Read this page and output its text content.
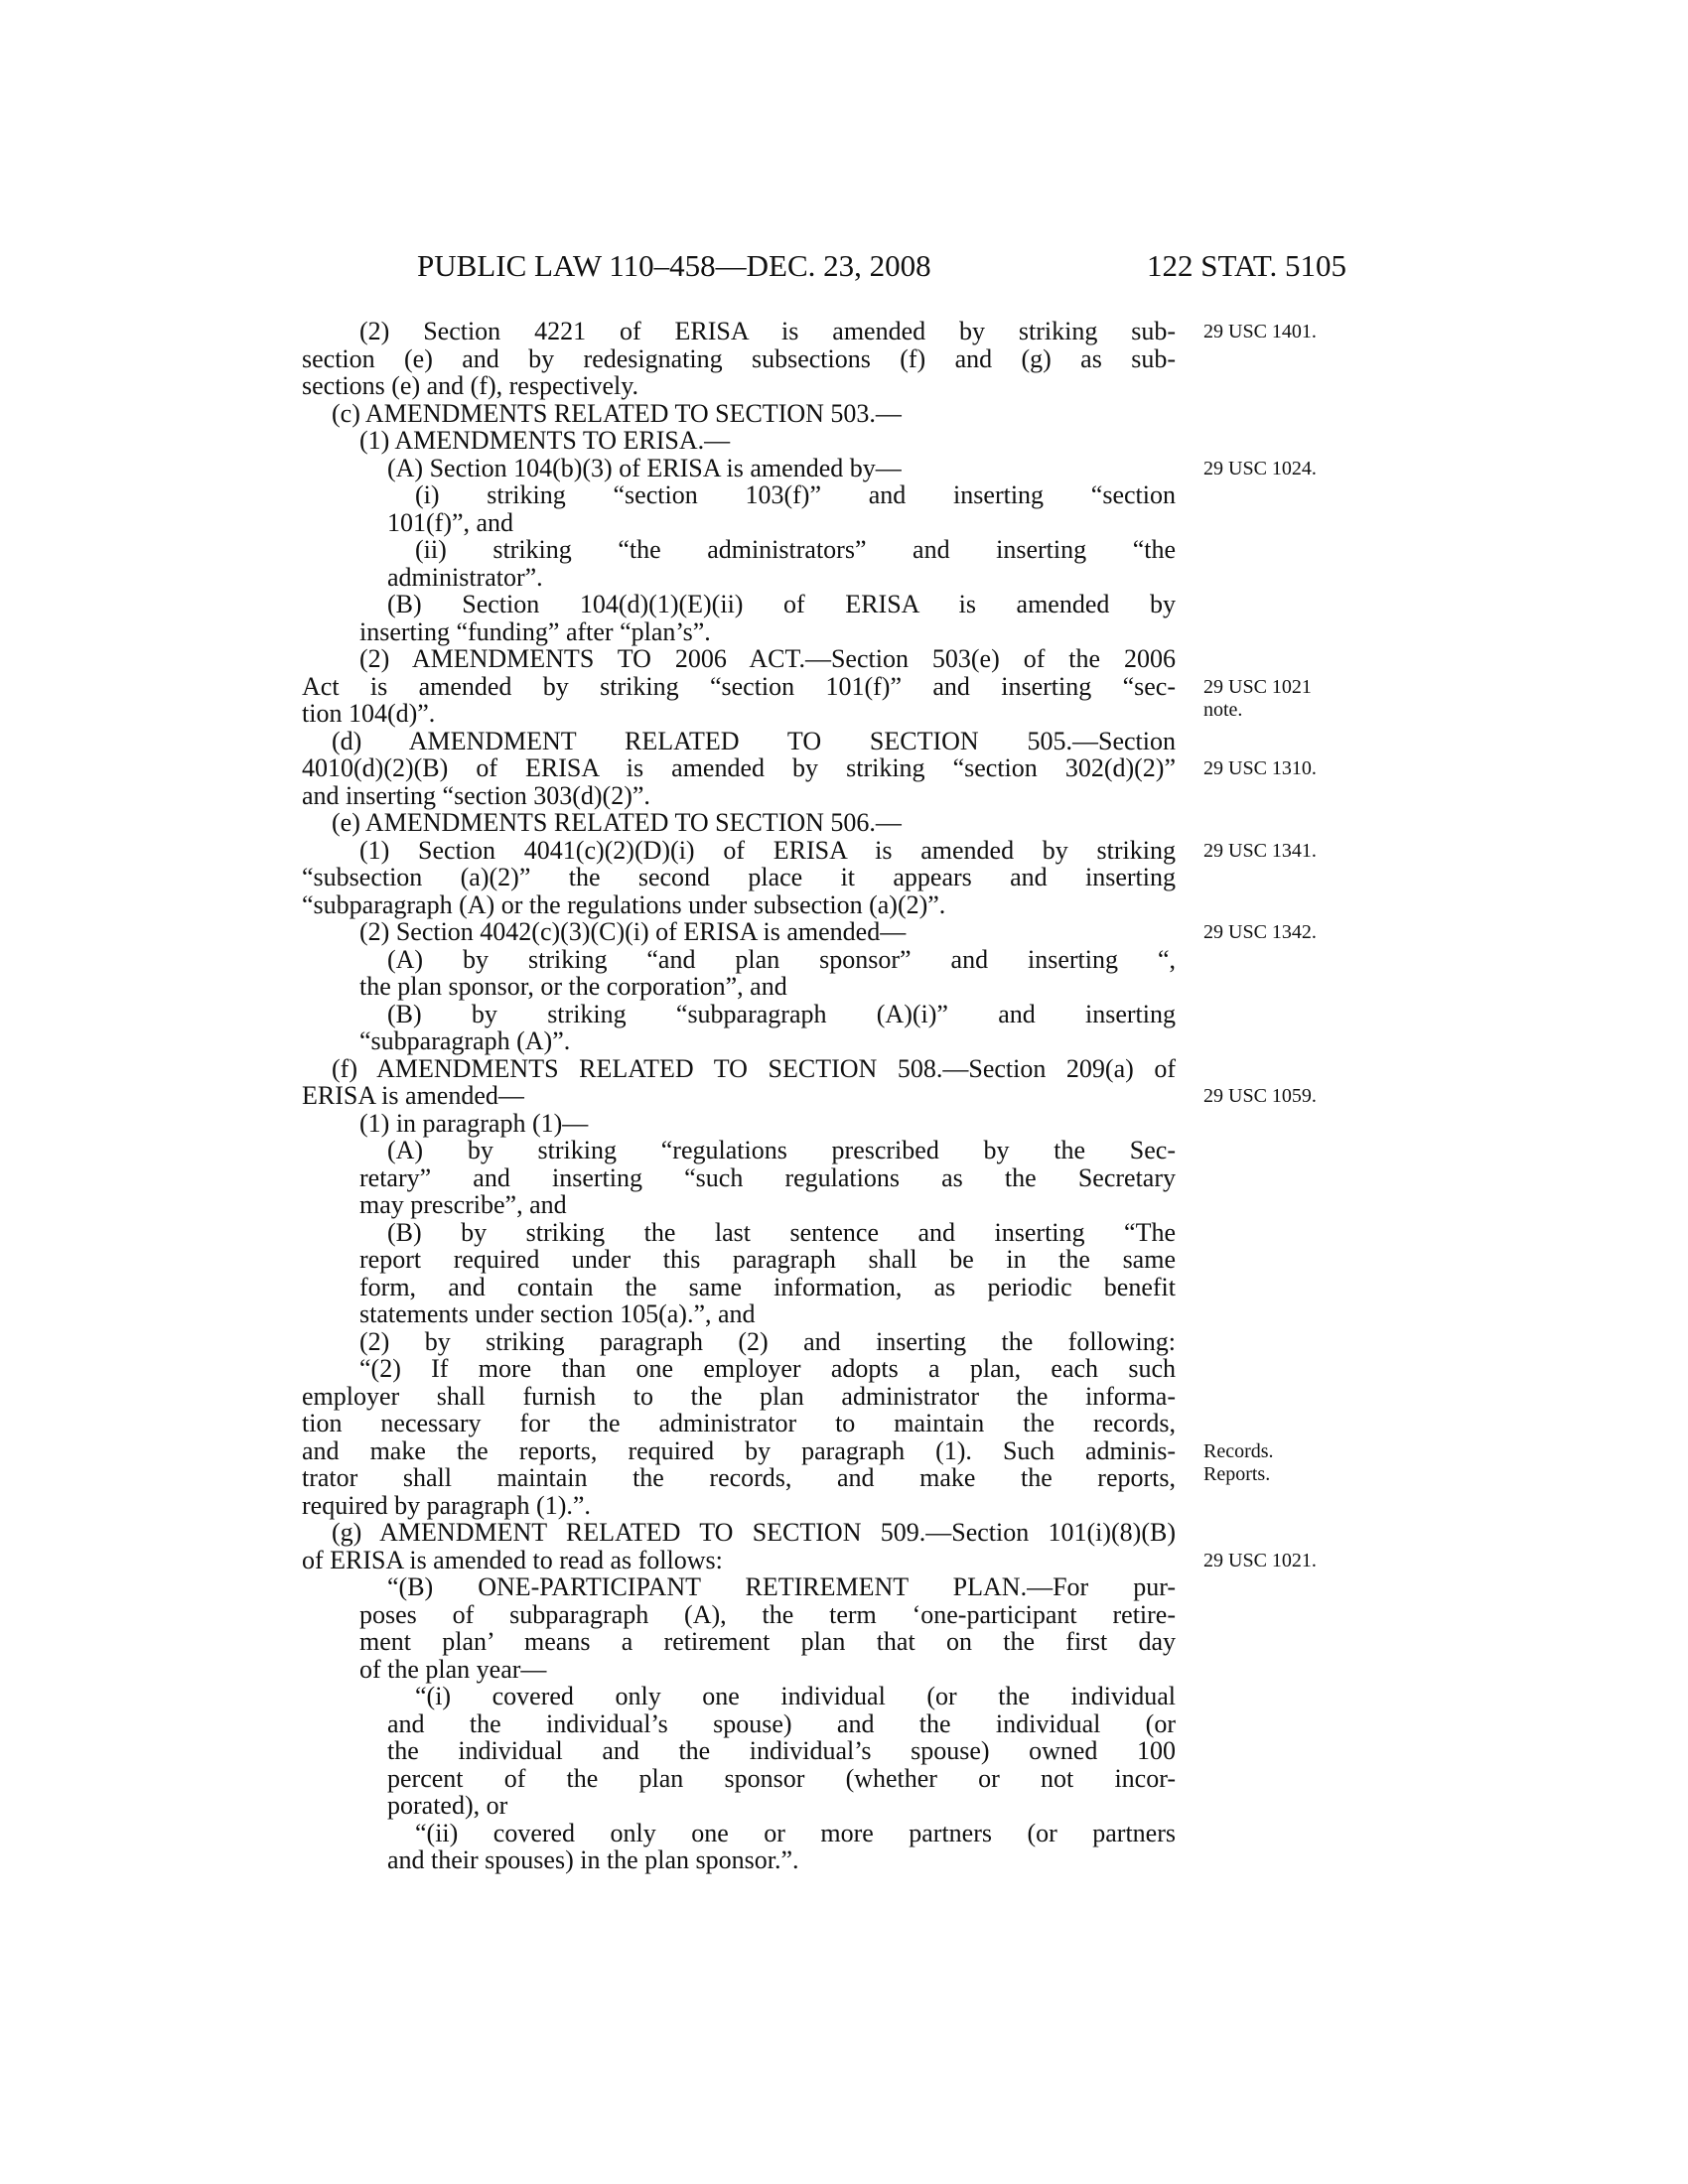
PUBLIC LAW 110–458—DEC. 23, 2008	122 STAT. 5105
(2) Section 4221 of ERISA is amended by striking sub-
section (e) and by redesignating subsections (f) and (g) as sub-
sections (e) and (f), respectively.
(c) AMENDMENTS RELATED TO SECTION 503.—
(1) AMENDMENTS TO ERISA.—
(A) Section 104(b)(3) of ERISA is amended by—
(i) striking “section 103(f)” and inserting “section
101(f)”, and
(ii) striking “the administrators” and inserting “the
administrator”.
(B) Section 104(d)(1)(E)(ii) of ERISA is amended by
inserting “funding” after “plan’s”.
(2) AMENDMENTS TO 2006 ACT.—Section 503(e) of the 2006
Act is amended by striking “section 101(f)” and inserting “sec-
tion 104(d)”.
(d) AMENDMENT RELATED TO SECTION 505.—Section
4010(d)(2)(B) of ERISA is amended by striking “section 302(d)(2)”
and inserting “section 303(d)(2)”.
(e) AMENDMENTS RELATED TO SECTION 506.—
(1) Section 4041(c)(2)(D)(i) of ERISA is amended by striking
“subsection (a)(2)” the second place it appears and inserting
“subparagraph (A) or the regulations under subsection (a)(2)”.
(2) Section 4042(c)(3)(C)(i) of ERISA is amended—
(A) by striking “and plan sponsor” and inserting “,
the plan sponsor, or the corporation”, and
(B) by striking “subparagraph (A)(i)” and inserting
“subparagraph (A)”.
(f) AMENDMENTS RELATED TO SECTION 508.—Section 209(a) of
ERISA is amended—
(1) in paragraph (1)—
(A) by striking “regulations prescribed by the Sec-
retary” and inserting “such regulations as the Secretary
may prescribe”, and
(B) by striking the last sentence and inserting “The
report required under this paragraph shall be in the same
form, and contain the same information, as periodic benefit
statements under section 105(a).”, and
(2) by striking paragraph (2) and inserting the following:
“(2) If more than one employer adopts a plan, each such
employer shall furnish to the plan administrator the informa-
tion necessary for the administrator to maintain the records,
and make the reports, required by paragraph (1). Such adminis-
trator shall maintain the records, and make the reports,
required by paragraph (1).”.
(g) AMENDMENT RELATED TO SECTION 509.—Section 101(i)(8)(B)
of ERISA is amended to read as follows:
“(B) ONE-PARTICIPANT RETIREMENT PLAN.—For pur-
poses of subparagraph (A), the term ‘one-participant retire-
ment plan’ means a retirement plan that on the first day
of the plan year—
“(i) covered only one individual (or the individual
and the individual’s spouse) and the individual (or
the individual and the individual’s spouse) owned 100
percent of the plan sponsor (whether or not incor-
porated), or
“(ii) covered only one or more partners (or partners
and their spouses) in the plan sponsor.”.
29 USC 1401.
29 USC 1024.
29 USC 1021
note.
29 USC 1310.
29 USC 1341.
29 USC 1342.
29 USC 1059.
Records.
Reports.
29 USC 1021.
